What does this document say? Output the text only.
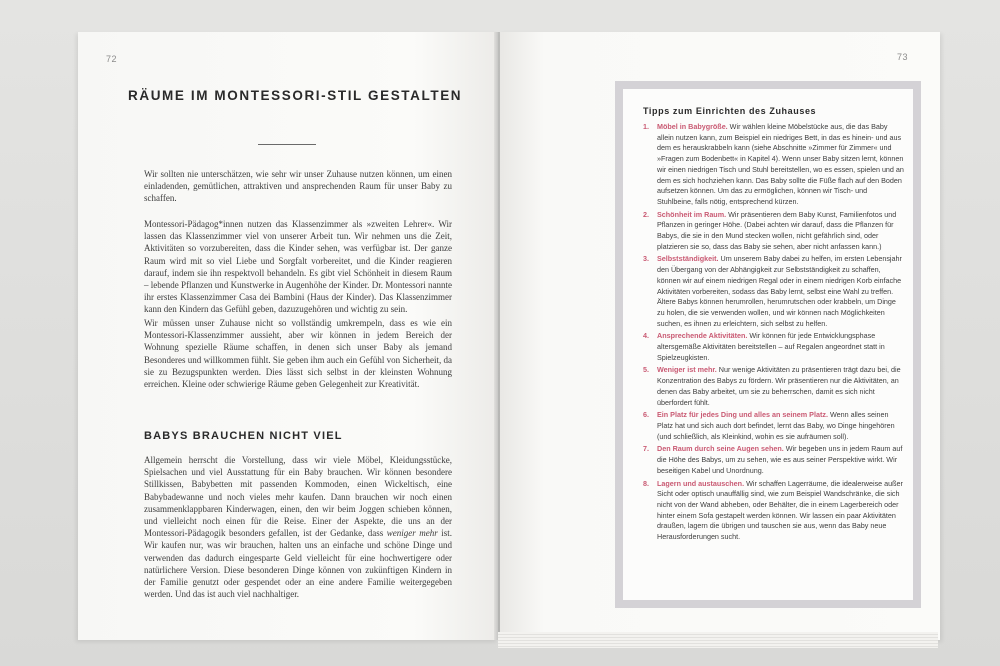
72
RÄUME IM MONTESSORI-STIL GESTALTEN

Wir sollten nie unterschätzen, wie sehr wir unser Zuhause nutzen können, um einen einladenden, gemütlichen, attraktiven und ansprechenden Raum für unser Baby zu schaffen.

Montessori-Pädagog*innen nutzen das Klassenzimmer als »zweiten Lehrer«. Wir lassen das Klassenzimmer viel von unserer Arbeit tun. Wir nehmen uns die Zeit, Aktivitäten so vorzubereiten, dass die Kinder sehen, was verfügbar ist. Der ganze Raum wird mit so viel Liebe und Sorgfalt vorbereitet, und die Kinder reagieren darauf, indem sie ihn respektvoll behandeln. Es gibt viel Schönheit in diesem Raum – lebende Pflanzen und Kunstwerke in Augenhöhe der Kinder. Dr. Montessori nannte ihr erstes Klassenzimmer Casa dei Bambini (Haus der Kinder). Das Klassenzimmer kann den Kindern das Gefühl geben, dazuzugehören und wichtig zu sein.

Wir müssen unser Zuhause nicht so vollständig umkrempeln, dass es wie ein Montessori-Klassenzimmer aussieht, aber wir können in jedem Bereich der Wohnung spezielle Räume schaffen, in denen sich unser Baby als jemand Besonderes und willkommen fühlt. Sie geben ihm auch ein Gefühl von Sicherheit, da sie zu Bezugspunkten werden. Dies lässt sich selbst in der kleinsten Wohnung erreichen. Kleine oder schwierige Räume geben Gelegenheit zur Kreativität.

BABYS BRAUCHEN NICHT VIEL

Allgemein herrscht die Vorstellung, dass wir viele Möbel, Kleidungsstücke, Spielsachen und viel Ausstattung für ein Baby brauchen. Wir können besondere Stillkissen, Babybetten mit passenden Kommoden, einen Wickeltisch, eine Babybadewanne und noch vieles mehr kaufen. Dann brauchen wir noch einen zusammenklappbaren Kinderwagen, einen, den wir beim Joggen schieben können, und vielleicht noch einen für die Reise. Einer der Aspekte, die uns an der Montessori-Pädagogik besonders gefallen, ist der Gedanke, dass weniger mehr ist. Wir kaufen nur, was wir brauchen, halten uns an einfache und schöne Dinge und verwenden das dadurch eingesparte Geld vielleicht für eine hochwertigere oder natürlichere Version. Diese besonderen Dinge können von zukünftigen Kindern in der Familie genutzt oder gespendet oder an eine andere Familie weitergegeben werden. Und das ist auch viel nachhaltiger.

73
Tipps zum Einrichten des Zuhauses
1. Möbel in Babygröße. Wir wählen kleine Möbelstücke aus, die das Baby allein nutzen kann, zum Beispiel ein niedriges Bett, in das es hinein- und aus dem es herauskrabbeln kann (siehe Abschnitte »Zimmer für Zimmer« und »Fragen zum Bodenbett« in Kapitel 4). Wenn unser Baby sitzen lernt, können wir einen niedrigen Tisch und Stuhl bereitstellen, wo es essen, spielen und an dem es sich hochziehen kann. Das Baby sollte die Füße flach auf den Boden aufsetzen können. Um das zu ermöglichen, können wir Tisch- und Stuhlbeine, falls nötig, entsprechend kürzen.
2. Schönheit im Raum. Wir präsentieren dem Baby Kunst, Familienfotos und Pflanzen in geringer Höhe. (Dabei achten wir darauf, dass die Pflanzen für Babys, die sie in den Mund stecken wollen, nicht gefährlich sind, oder platzieren sie so, dass das Baby sie sehen, aber nicht anfassen kann.)
3. Selbstständigkeit. Um unserem Baby dabei zu helfen, im ersten Lebensjahr den Übergang von der Abhängigkeit zur Selbstständigkeit zu schaffen, können wir auf einem niedrigen Regal oder in einem niedrigen Korb einfache Aktivitäten vorbereiten, sodass das Baby lernt, selbst eine Wahl zu treffen. Ältere Babys können herumrollen, herumrutschen oder krabbeln, um Dinge zu holen, die sie verwenden wollen, und wir können nach Möglichkeiten suchen, es ihnen zu erleichtern, sich selbst zu helfen.
4. Ansprechende Aktivitäten. Wir können für jede Entwicklungsphase altersgemäße Aktivitäten bereitstellen – auf Regalen angeordnet statt in Spielzeugkisten.
5. Weniger ist mehr. Nur wenige Aktivitäten zu präsentieren trägt dazu bei, die Konzentration des Babys zu fördern. Wir präsentieren nur die Aktivitäten, an denen das Baby arbeitet, um sie zu beherrschen, damit es sich nicht überfordert fühlt.
6. Ein Platz für jedes Ding und alles an seinem Platz. Wenn alles seinen Platz hat und sich auch dort befindet, lernt das Baby, wo Dinge hingehören (und schließlich, als Kleinkind, wohin es sie aufräumen soll).
7. Den Raum durch seine Augen sehen. Wir begeben uns in jedem Raum auf die Höhe des Babys, um zu sehen, wie es aus seiner Perspektive wirkt. Wir beseitigen Kabel und Unordnung.
8. Lagern und austauschen. Wir schaffen Lagerräume, die idealerweise außer Sicht oder optisch unauffällig sind, wie zum Beispiel Wandschränke, die sich nicht von der Wand abheben, oder Behälter, die in einem Lagerbereich oder hinter einem Sofa gestapelt werden können. Wir lassen ein paar Aktivitäten draußen, lagern die übrigen und tauschen sie aus, wenn das Baby neue Herausforderungen sucht.
